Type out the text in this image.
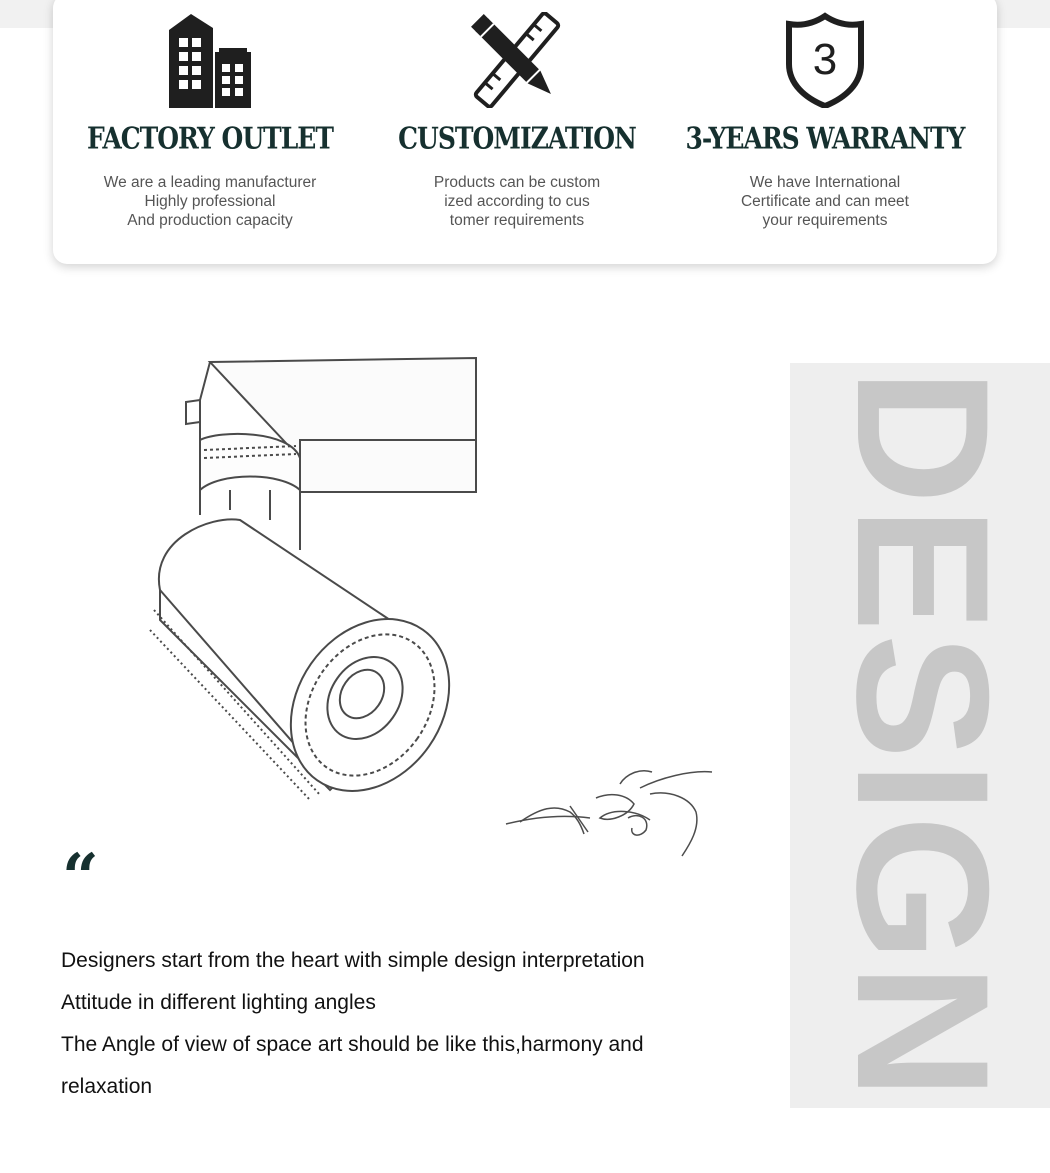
FACTORY OUTLET
We are a leading manufacturer
Highly professional
And production capacity
CUSTOMIZATION
Products can be custom
ized according to cus
tomer requirements
3
3-YEARS WARRANTY
We have International
Certificate and can meet
your requirements
“

Designers start from the heart with simple design interpretation

Attitude in different lighting angles

The Angle of view of space art should be like this,harmony and

relaxation	DESIGN
